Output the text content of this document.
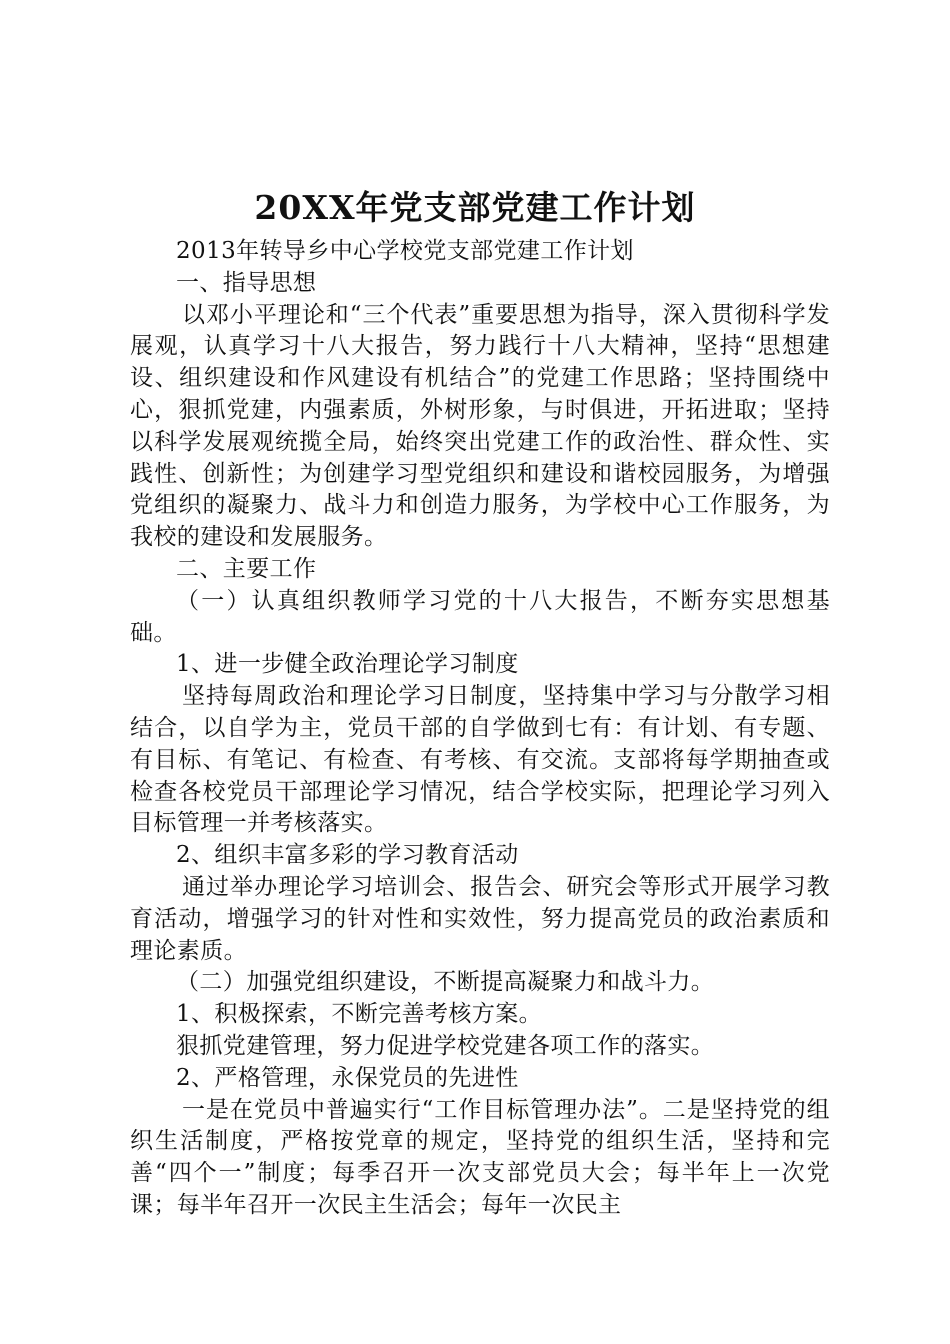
20XX年党支部党建工作计划

2013年转导乡中心学校党支部党建工作计划

一、指导思想

以邓小平理论和“三个代表”重要思想为指导，深入贯彻科学发展观，认真学习十八大报告，努力践行十八大精神，坚持“思想建设、组织建设和作风建设有机结合”的党建工作思路；坚持围绕中心，狠抓党建，内强素质，外树形象，与时俱进，开拓进取；坚持以科学发展观统揽全局，始终突出党建工作的政治性、群众性、实践性、创新性；为创建学习型党组织和建设和谐校园服务，为增强党组织的凝聚力、战斗力和创造力服务，为学校中心工作服务，为我校的建设和发展服务。

二、主要工作

（一）认真组织教师学习党的十八大报告，不断夯实思想基础。

1、进一步健全政治理论学习制度

坚持每周政治和理论学习日制度，坚持集中学习与分散学习相结合，以自学为主，党员干部的自学做到七有：有计划、有专题、有目标、有笔记、有检查、有考核、有交流。支部将每学期抽查或检查各校党员干部理论学习情况，结合学校实际，把理论学习列入目标管理一并考核落实。

2、组织丰富多彩的学习教育活动

通过举办理论学习培训会、报告会、研究会等形式开展学习教育活动，增强学习的针对性和实效性，努力提高党员的政治素质和理论素质。

（二）加强党组织建设，不断提高凝聚力和战斗力。

1、积极探索，不断完善考核方案。

狠抓党建管理，努力促进学校党建各项工作的落实。

2、严格管理，永保党员的先进性

一是在党员中普遍实行“工作目标管理办法”。二是坚持党的组织生活制度，严格按党章的规定，坚持党的组织生活，坚持和完善“四个一”制度；每季召开一次支部党员大会；每半年上一次党课；每半年召开一次民主生活会；每年一次民主
